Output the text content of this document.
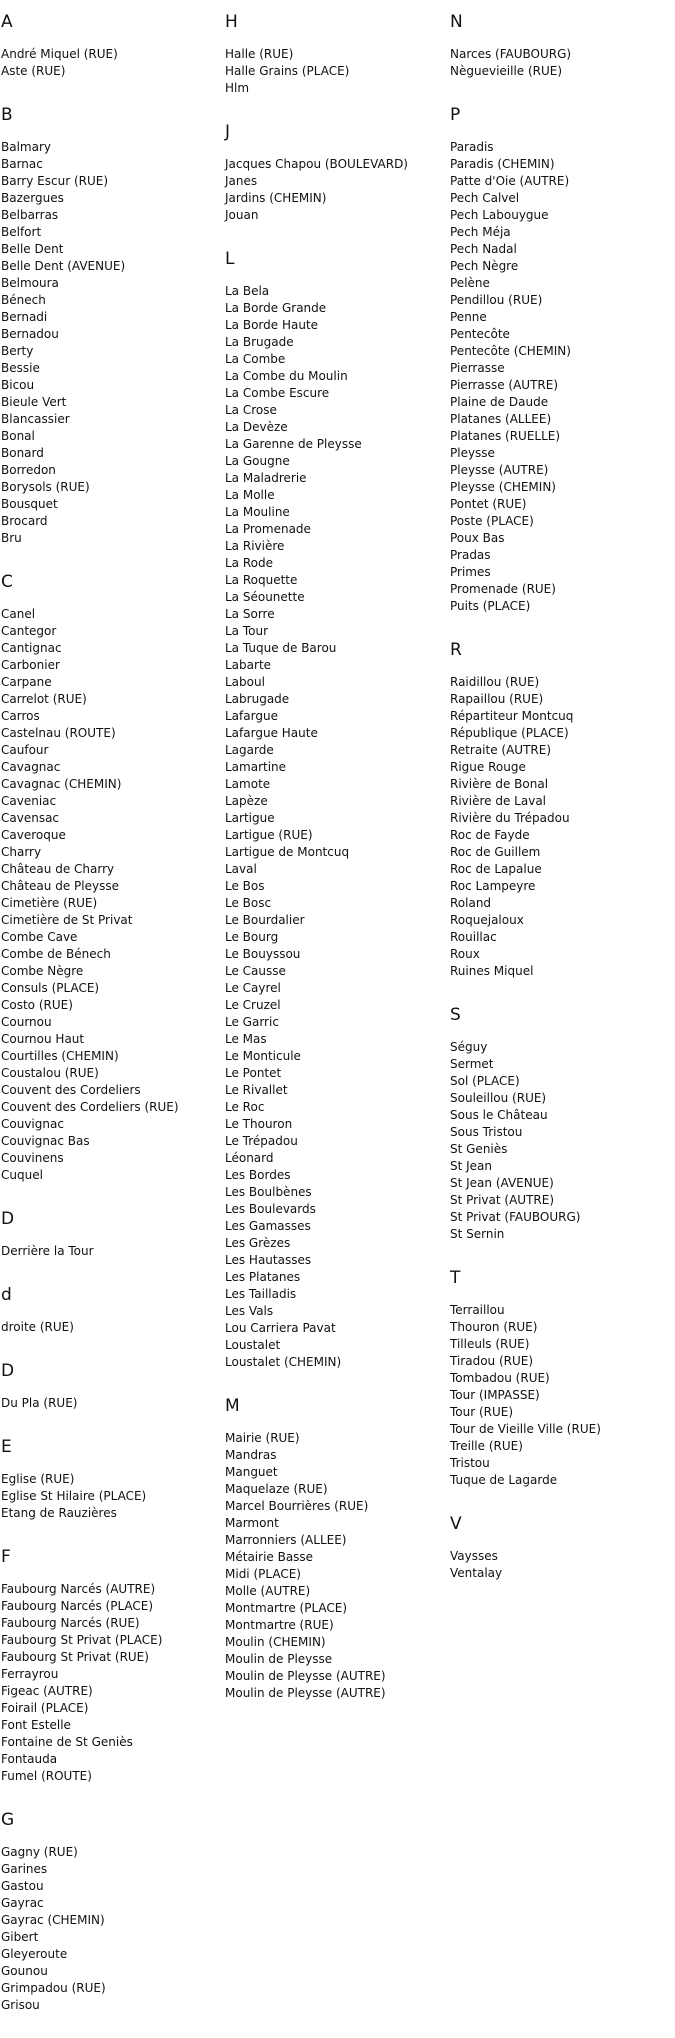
A
André Miquel (RUE)
Aste (RUE)
B
Balmary
Barnac
Barry Escur (RUE)
Bazergues
Belbarras
Belfort
Belle Dent
Belle Dent (AVENUE)
Belmoura
Bénech
Bernadi
Bernadou
Berty
Bessie
Bicou
Bieule Vert
Blancassier
Bonal
Bonard
Borredon
Borysols (RUE)
Bousquet
Brocard
Bru
C
Canel
Cantegor
Cantignac
Carbonier
Carpane
Carrelot (RUE)
Carros
Castelnau (ROUTE)
Caufour
Cavagnac
Cavagnac (CHEMIN)
Caveniac
Cavensac
Caveroque
Charry
Château de Charry
Château de Pleysse
Cimetière (RUE)
Cimetière de St Privat
Combe Cave
Combe de Bénech
Combe Nègre
Consuls (PLACE)
Costo (RUE)
Cournou
Cournou Haut
Courtilles (CHEMIN)
Coustalou (RUE)
Couvent des Cordeliers
Couvent des Cordeliers (RUE)
Couvignac
Couvignac Bas
Couvinens
Cuquel
D
Derrière la Tour
d
droite (RUE)
D
Du Pla (RUE)
E
Eglise (RUE)
Eglise St Hilaire (PLACE)
Etang de Rauzières
F
Faubourg Narcés (AUTRE)
Faubourg Narcés (PLACE)
Faubourg Narcés (RUE)
Faubourg St Privat (PLACE)
Faubourg St Privat (RUE)
Ferrayrou
Figeac (AUTRE)
Foirail (PLACE)
Font Estelle
Fontaine de St Geniès
Fontauda
Fumel (ROUTE)
G
Gagny (RUE)
Garines
Gastou
Gayrac
Gayrac (CHEMIN)
Gibert
Gleyeroute
Gounou
Grimpadou (RUE)
Grisou
H
Halle (RUE)
Halle Grains (PLACE)
Hlm
J
Jacques Chapou (BOULEVARD)
Janes
Jardins (CHEMIN)
Jouan
L
La Bela
La Borde Grande
La Borde Haute
La Brugade
La Combe
La Combe du Moulin
La Combe Escure
La Crose
La Devèze
La Garenne de Pleysse
La Gougne
La Maladrerie
La Molle
La Mouline
La Promenade
La Rivière
La Rode
La Roquette
La Séounette
La Sorre
La Tour
La Tuque de Barou
Labarte
Laboul
Labrugade
Lafargue
Lafargue Haute
Lagarde
Lamartine
Lamote
Lapèze
Lartigue
Lartigue (RUE)
Lartigue de Montcuq
Laval
Le Bos
Le Bosc
Le Bourdalier
Le Bourg
Le Bouyssou
Le Causse
Le Cayrel
Le Cruzel
Le Garric
Le Mas
Le Monticule
Le Pontet
Le Rivallet
Le Roc
Le Thouron
Le Trépadou
Léonard
Les Bordes
Les Boulbènes
Les Boulevards
Les Gamasses
Les Grèzes
Les Hautasses
Les Platanes
Les Tailladis
Les Vals
Lou Carriera Pavat
Loustalet
Loustalet (CHEMIN)
M
Mairie (RUE)
Mandras
Manguet
Maquelaze (RUE)
Marcel Bourrières (RUE)
Marmont
Marronniers (ALLEE)
Métairie Basse
Midi (PLACE)
Molle (AUTRE)
Montmartre (PLACE)
Montmartre (RUE)
Moulin (CHEMIN)
Moulin de Pleysse
Moulin de Pleysse (AUTRE)
Moulin de Pleysse (AUTRE)
N
Narces (FAUBOURG)
Nèguevieille (RUE)
P
Paradis
Paradis (CHEMIN)
Patte d'Oie (AUTRE)
Pech Calvel
Pech Labouygue
Pech Méja
Pech Nadal
Pech Nègre
Pelène
Pendillou (RUE)
Penne
Pentecôte
Pentecôte (CHEMIN)
Pierrasse
Pierrasse (AUTRE)
Plaine de Daude
Platanes (ALLEE)
Platanes (RUELLE)
Pleysse
Pleysse (AUTRE)
Pleysse (CHEMIN)
Pontet (RUE)
Poste (PLACE)
Poux Bas
Pradas
Primes
Promenade (RUE)
Puits (PLACE)
R
Raidillou (RUE)
Rapaillou (RUE)
Répartiteur Montcuq
République (PLACE)
Retraite (AUTRE)
Rigue Rouge
Rivière de Bonal
Rivière de Laval
Rivière du Trépadou
Roc de Fayde
Roc de Guillem
Roc de Lapalue
Roc Lampeyre
Roland
Roquejaloux
Rouillac
Roux
Ruines Miquel
S
Séguy
Sermet
Sol (PLACE)
Souleillou (RUE)
Sous le Château
Sous Tristou
St Geniès
St Jean
St Jean (AVENUE)
St Privat (AUTRE)
St Privat (FAUBOURG)
St Sernin
T
Terraillou
Thouron (RUE)
Tilleuls (RUE)
Tiradou (RUE)
Tombadou (RUE)
Tour (IMPASSE)
Tour (RUE)
Tour de Vieille Ville (RUE)
Treille (RUE)
Tristou
Tuque de Lagarde
V
Vaysses
Ventalay
